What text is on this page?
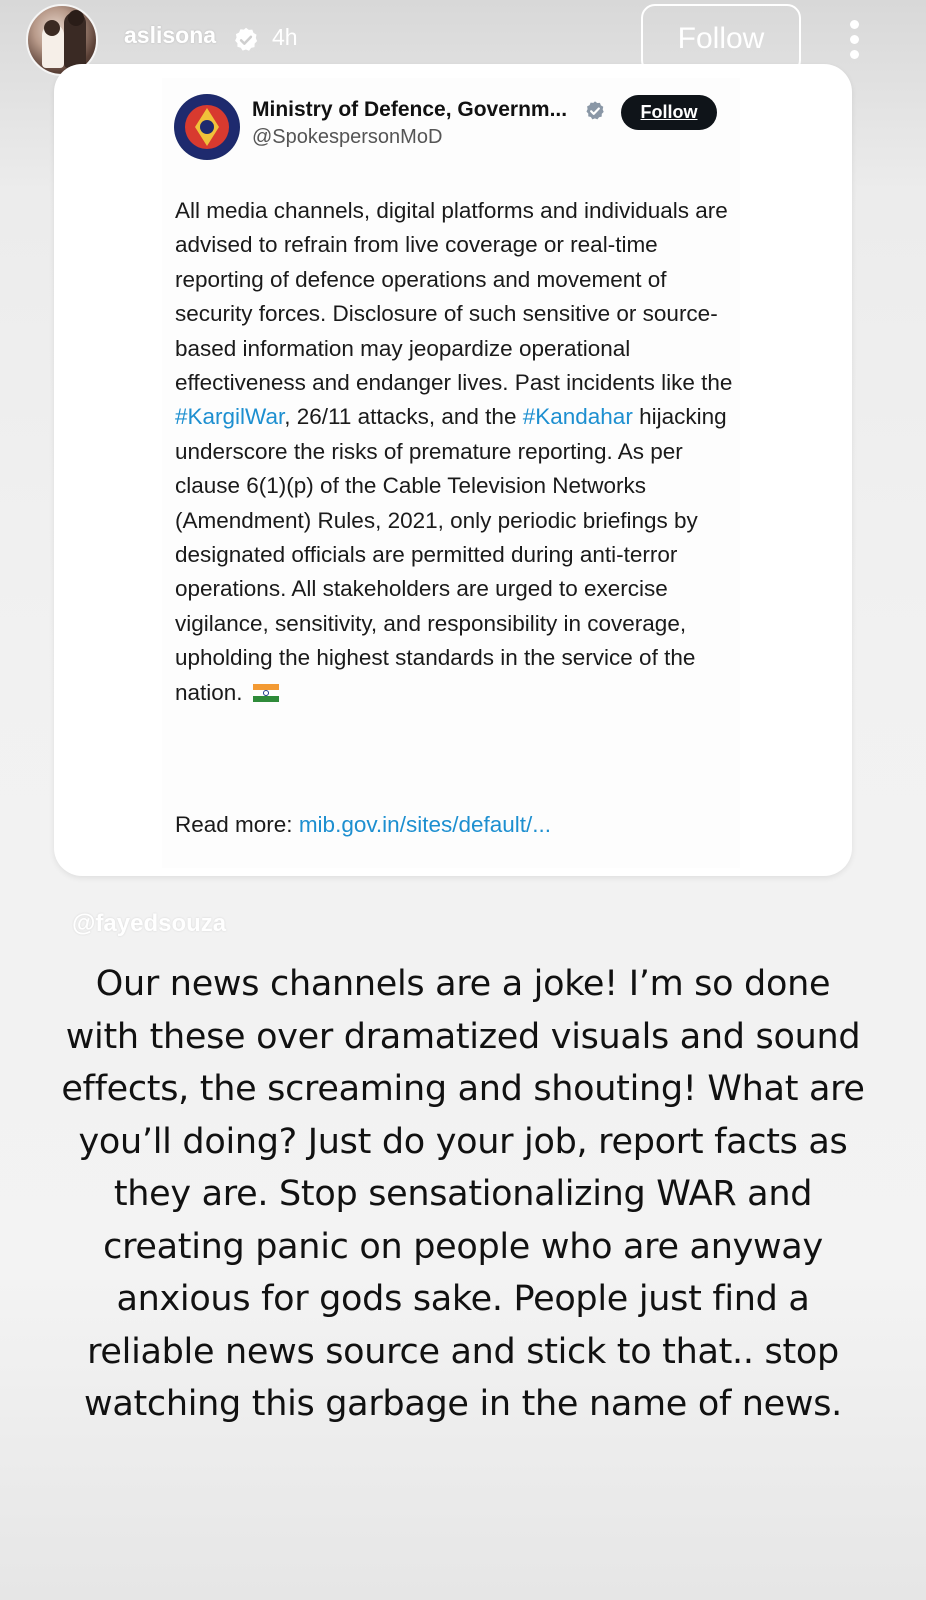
aslisona 4h	Follow
Ministry of Defence, Governm...
@SpokespersonMoD
Follow
All media channels, digital platforms and individuals are advised to refrain from live coverage or real-time reporting of defence operations and movement of security forces. Disclosure of such sensitive or source-based information may jeopardize operational effectiveness and endanger lives. Past incidents like the #KargilWar, 26/11 attacks, and the #Kandahar hijacking underscore the risks of premature reporting. As per clause 6(1)(p) of the Cable Television Networks (Amendment) Rules, 2021, only periodic briefings by designated officials are permitted during anti-terror operations. All stakeholders are urged to exercise vigilance, sensitivity, and responsibility in coverage, upholding the highest standards in the service of the nation.
Read more: mib.gov.in/sites/default/...
@fayedsouza
Our news channels are a joke! I’m so done with these over dramatized visuals and sound effects, the screaming and shouting! What are you’ll doing? Just do your job, report facts as they are. Stop sensationalizing WAR and creating panic on people who are anyway anxious for gods sake. People just find a reliable news source and stick to that.. stop watching this garbage in the name of news.
